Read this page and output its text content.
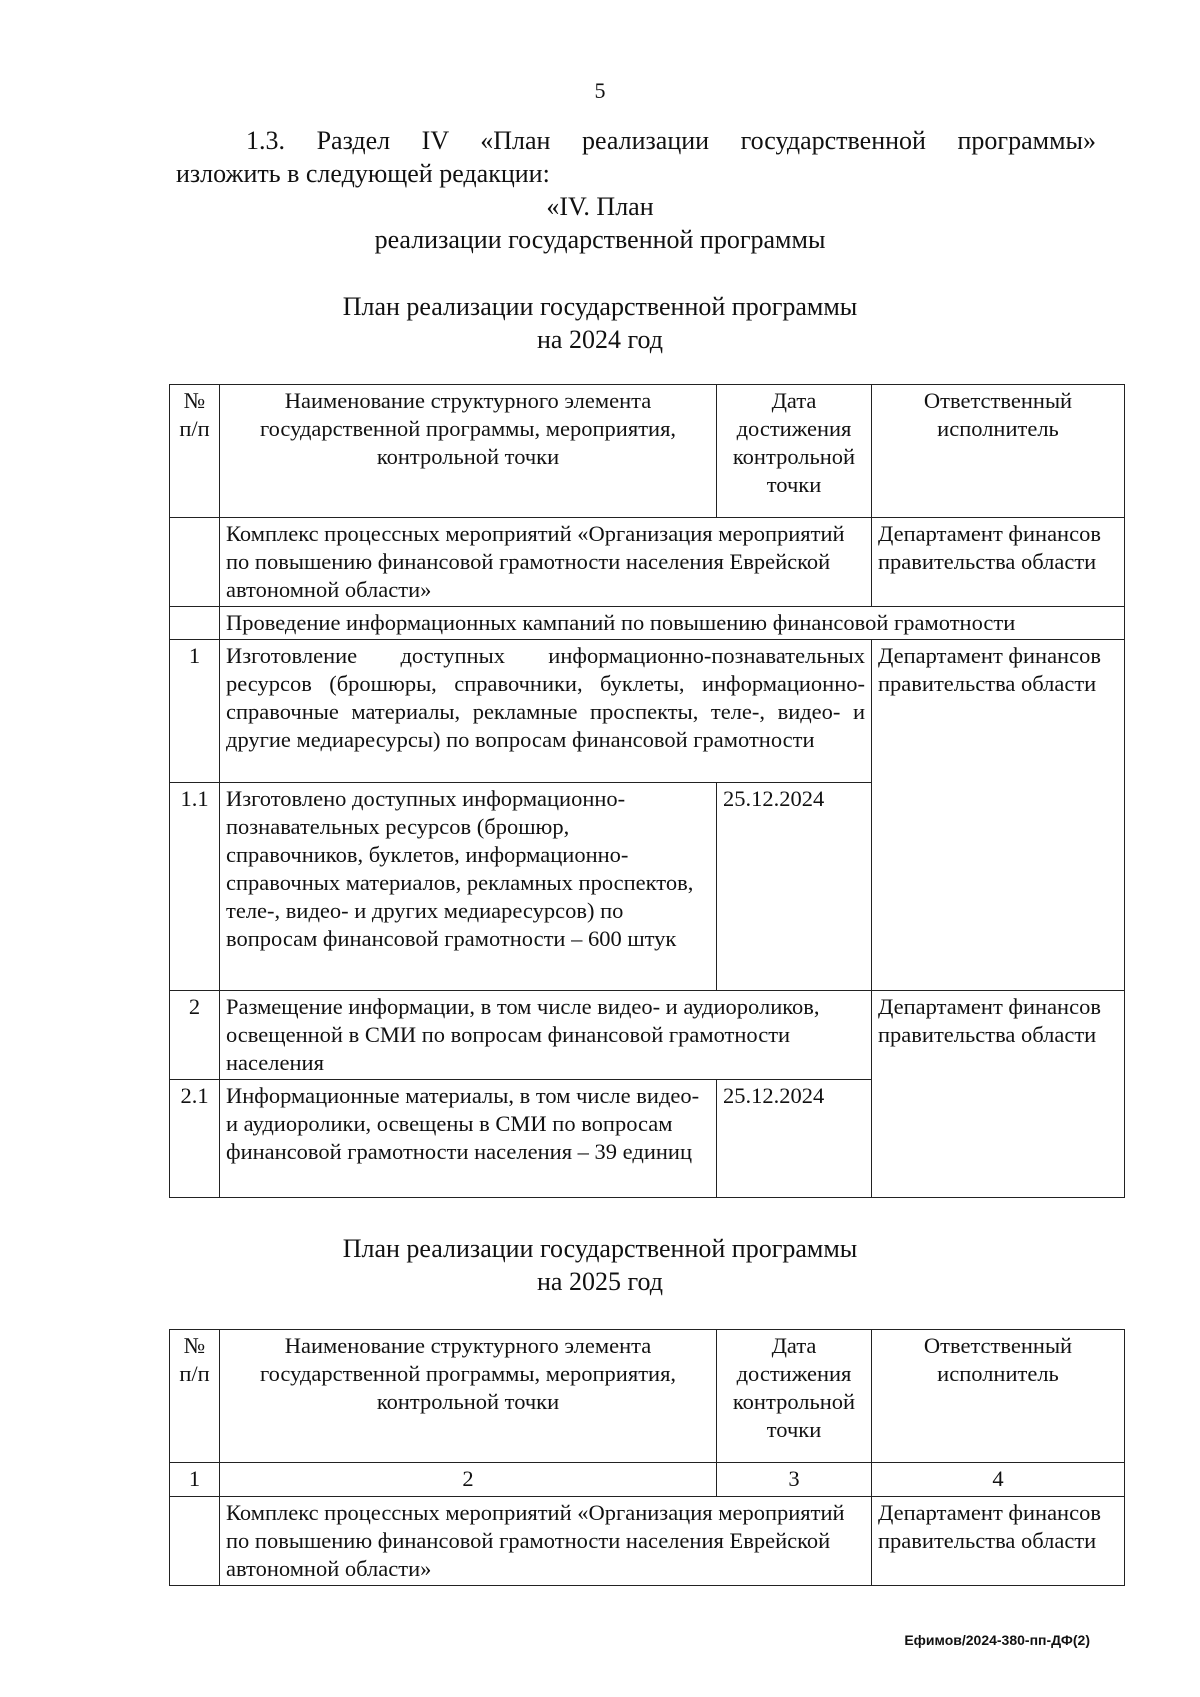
5
1.3. Раздел IV «План реализации государственной программы»
изложить в следующей редакции:
«IV. План
реализации государственной программы
План реализации государственной программы
на 2024 год
№ п/п	Наименование структурного элемента государственной программы, мероприятия, контрольной точки	Дата достижения контрольной точки	Ответственный исполнитель
	Комплекс процессных мероприятий «Организация мероприятий по повышению финансовой грамотности населения Еврейской автономной области»		Департамент финансов правительства области
	Проведение информационных кампаний по повышению финансовой грамотности		
1	Изготовление доступных информационно-познавательных ресурсов (брошюры, справочники, буклеты, информационно-справочные материалы, рекламные проспекты, теле-, видео- и другие медиаресурсы) по вопросам финансовой грамотности		Департамент финансов правительства области
1.1	Изготовлено доступных информационно-познавательных ресурсов (брошюр, справочников, буклетов, информационно-справочных материалов, рекламных проспектов, теле-, видео- и других медиаресурсов) по вопросам финансовой грамотности – 600 штук	25.12.2024	
2	Размещение информации, в том числе видео- и аудиороликов, освещенной в СМИ по вопросам финансовой грамотности населения		Департамент финансов правительства области
2.1	Информационные материалы, в том числе видео- и аудиоролики, освещены в СМИ по вопросам финансовой грамотности населения – 39 единиц	25.12.2024	
План реализации государственной программы
на 2025 год
№ п/п	Наименование структурного элемента государственной программы, мероприятия, контрольной точки	Дата достижения контрольной точки	Ответственный исполнитель
1	2	3	4
	Комплекс процессных мероприятий «Организация мероприятий по повышению финансовой грамотности населения Еврейской автономной области»		Департамент финансов правительства области
Ефимов/2024-380-пп-ДФ(2)
